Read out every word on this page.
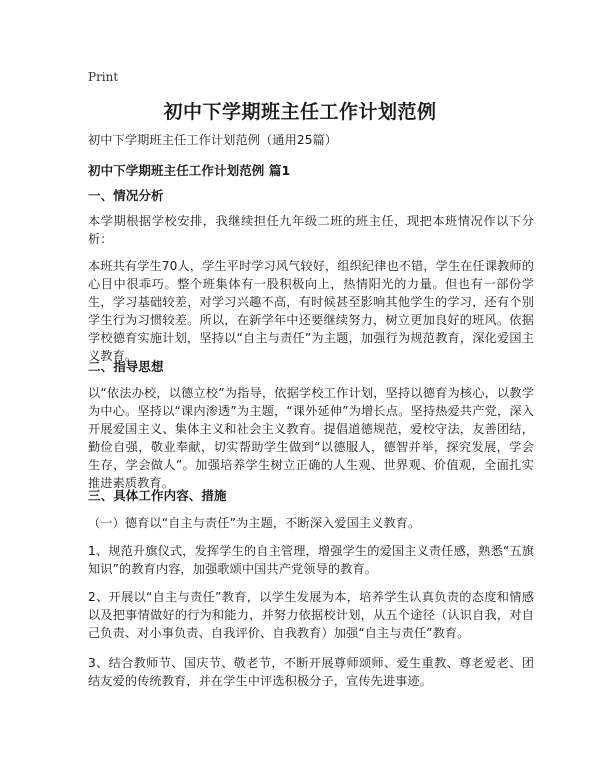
Print
初中下学期班主任工作计划范例
初中下学期班主任工作计划范例（通用25篇）
初中下学期班主任工作计划范例 篇1
一、情况分析
本学期根据学校安排，我继续担任九年级二班的班主任，现把本班情况作以下分析：
本班共有学生70人，学生平时学习风气较好，组织纪律也不错，学生在任课教师的心目中很乖巧。整个班集体有一股积极向上，热情阳光的力量。但也有一部份学生，学习基础较差，对学习兴趣不高，有时候甚至影响其他学生的学习，还有个别学生行为习惯较差。所以，在新学年中还要继续努力，树立更加良好的班风。依据学校德育实施计划，坚持以“自主与责任”为主题，加强行为规范教育，深化爱国主义教育。
二、指导思想
以“依法办校，以德立校”为指导，依据学校工作计划，坚持以德育为核心，以教学为中心。坚持以“课内渗透”为主题，“课外延伸”为增长点。坚持热爱共产党，深入开展爱国主义、集体主义和社会主义教育。提倡道德规范，爱校守法，友善团结，勤俭自强，敬业奉献，切实帮助学生做到“以德服人，德智并举，探究发展，学会生存，学会做人”。加强培养学生树立正确的人生观、世界观、价值观，全面扎实推进素质教育。
三、具体工作内容、措施
（一）德育以“自主与责任”为主题，不断深入爱国主义教育。
1、规范升旗仪式，发挥学生的自主管理，增强学生的爱国主义责任感，熟悉“五旗知识”的教育内容，加强歌颂中国共产党领导的教育。
2、开展以“自主与责任”教育，以学生发展为本，培养学生认真负责的态度和情感以及把事情做好的行为和能力，并努力依据校计划，从五个途径（认识自我，对自己负责、对小事负责、自我评价、自我教育）加强“自主与责任”教育。
3、结合教师节、国庆节、敬老节，不断开展尊师颂师、爱生重教、尊老爱老、团结友爱的传统教育，并在学生中评选积极分子，宣传先进事迹。
